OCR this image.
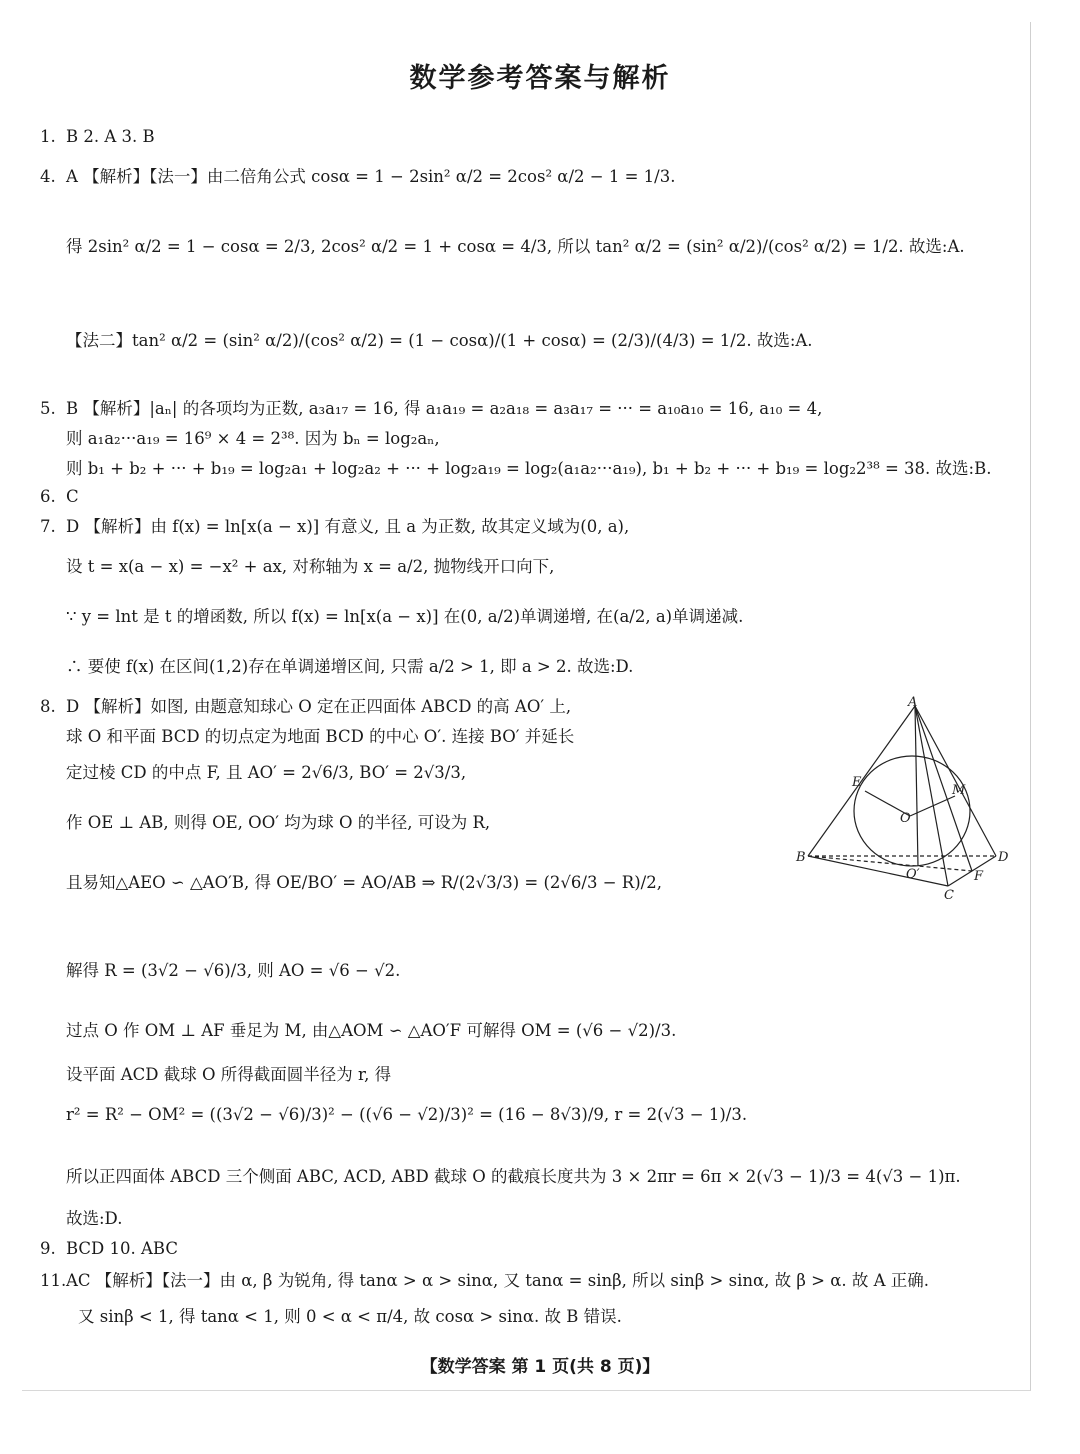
数学参考答案与解析
1. B 2. A 3. B
4. A 【解析】【法一】由二倍角公式 cosα = 1 − 2sin² α/2 = 2cos² α/2 − 1 = 1/3.
得 2sin² α/2 = 1 − cosα = 2/3, 2cos² α/2 = 1 + cosα = 4/3, 所以 tan² α/2 = (sin² α/2)/(cos² α/2) = 1/2. 故选:A.
【法二】tan² α/2 = (sin² α/2)/(cos² α/2) = (1 − cosα)/(1 + cosα) = (2/3)/(4/3) = 1/2. 故选:A.
5. B 【解析】|aₙ| 的各项均为正数, a₃a₁₇ = 16, 得 a₁a₁₉ = a₂a₁₈ = a₃a₁₇ = ··· = a₁₀a₁₀ = 16, a₁₀ = 4,
则 a₁a₂···a₁₉ = 16⁹ × 4 = 2³⁸. 因为 bₙ = log₂aₙ,
则 b₁ + b₂ + ··· + b₁₉ = log₂a₁ + log₂a₂ + ··· + log₂a₁₉ = log₂(a₁a₂···a₁₉), b₁ + b₂ + ··· + b₁₉ = log₂2³⁸ = 38. 故选:B.
6. C
7. D 【解析】由 f(x) = ln[x(a − x)] 有意义, 且 a 为正数, 故其定义域为(0, a),
设 t = x(a − x) = −x² + ax, 对称轴为 x = a/2, 抛物线开口向下,
∵ y = lnt 是 t 的增函数, 所以 f(x) = ln[x(a − x)] 在(0, a/2)单调递增, 在(a/2, a)单调递减.
∴ 要使 f(x) 在区间(1,2)存在单调递增区间, 只需 a/2 > 1, 即 a > 2. 故选:D.
8. D 【解析】如图, 由题意知球心 O 定在正四面体 ABCD 的高 AO′ 上,
球 O 和平面 BCD 的切点定为地面 BCD 的中心 O′. 连接 BO′ 并延长
定过棱 CD 的中点 F, 且 AO′ = 2√6/3, BO′ = 2√3/3,
作 OE ⊥ AB, 则得 OE, OO′ 均为球 O 的半径, 可设为 R,
且易知△AEO ∽ △AO′B, 得 OE/BO′ = AO/AB ⇒ R/(2√3/3) = (2√6/3 − R)/2,
解得 R = (3√2 − √6)/3, 则 AO = √6 − √2.
过点 O 作 OM ⊥ AF 垂足为 M, 由△AOM ∽ △AO′F 可解得 OM = (√6 − √2)/3.
设平面 ACD 截球 O 所得截面圆半径为 r, 得
r² = R² − OM² = ((3√2 − √6)/3)² − ((√6 − √2)/3)² = (16 − 8√3)/9, r = 2(√3 − 1)/3.
所以正四面体 ABCD 三个侧面 ABC, ACD, ABD 截球 O 的截痕长度共为 3 × 2πr = 6π × 2(√3 − 1)/3 = 4(√3 − 1)π.
故选:D.
9. BCD 10. ABC
11.AC 【解析】【法一】由 α, β 为锐角, 得 tanα > α > sinα, 又 tanα = sinβ, 所以 sinβ > sinα, 故 β > α. 故 A 正确.
又 sinβ < 1, 得 tanα < 1, 则 0 < α < π/4, 故 cosα > sinα. 故 B 错误.
A
B
C
D
E
F
M
O
O′
【数学答案 第 1 页(共 8 页)】
